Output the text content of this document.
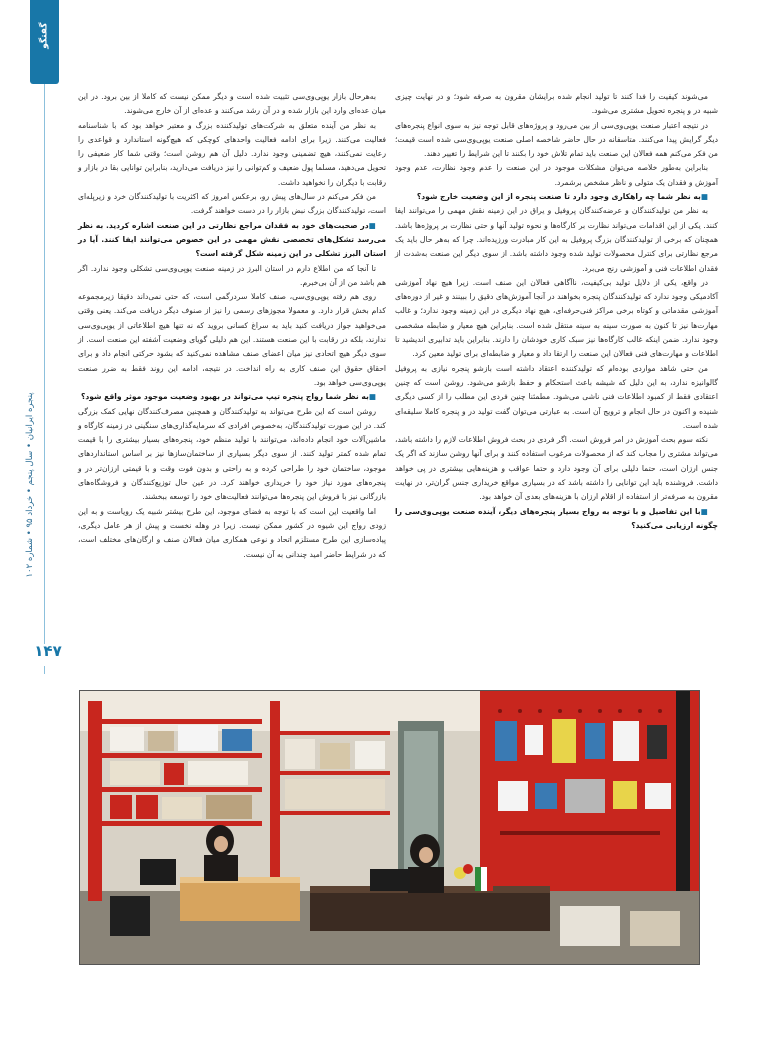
گفتگو
پنجره ایرانیان • سال پنجم • خرداد ۹۵ • شماره ۱۰۲
۱۴۷

می‌شوند کیفیت را فدا کنند تا تولید انجام شده برایشان مقرون به صرفه شود؛ و در نهایت چیزی شبیه در و پنجره تحویل مشتری می‌شود.

در نتیجه اعتبار صنعت یوپی‌وی‌سی از بین می‌رود و پروژه‌های قابل توجه نیز به سوی انواع پنجره‌های دیگر گرایش پیدا می‌کنند. متاسفانه در حال حاضر شاخصه اصلی صنعت یوپی‌وی‌سی شده است قیمت؛ من فکر می‌کنم همه فعالان این صنعت باید تمام تلاش خود را بکنند تا این شرایط را تغییر دهند.

بنابراین به‌طور خلاصه می‌توان مشکلات موجود در این صنعت را عدم وجود نظارت، عدم وجود آموزش و فقدان یک متولی و ناظر مشخص برشمرد.

■ به نظر شما چه راهکاری وجود دارد تا صنعت پنجره از این وضعیت خارج شود؟

به نظر من تولیدکنندگان و عرضه‌کنندگان پروفیل و یراق در این زمینه نقش مهمی را می‌توانند ایفا کنند. یکی از این اقدامات می‌تواند نظارت بر کارگاه‌ها و نحوه تولید آنها و حتی نظارت بر پروژه‌ها باشد. همچنان که برخی از تولیدکنندگان بزرگ پروفیل به این کار مبادرت ورزیده‌اند. چرا که به‌هر حال باید یک مرجع نظارتی برای کنترل محصولات تولید شده وجود داشته باشد. از سوی دیگر این صنعت به‌شدت از فقدان اطلاعات فنی و آموزشی رنج می‌برد.

در واقع، یکی از دلایل تولید بی‌کیفیت، ناآگاهی فعالان این صنف است. زیرا هیچ نهاد آموزشی آکادمیکی وجود ندارد که تولیدکنندگان پنجره بخواهند در آنجا آموزش‌های دقیق را ببینند و غیر از دوره‌های آموزشی مقدماتی و کوتاه برخی مراکز فنی‌حرفه‌ای، هیچ نهاد دیگری در این زمینه وجود ندارد؛ و غالب مهارت‌ها نیز تا کنون به صورت سینه به سینه منتقل شده است. بنابراین هیچ معیار و ضابطه مشخصی وجود ندارد. ضمن اینکه غالب کارگاه‌ها نیز سبک کاری خودشان را دارند. بنابراین باید تدابیری اندیشید تا اطلاعات و مهارت‌های فنی فعالان این صنعت را ارتقا داد و معیار و ضابطه‌ای برای تولید معین کرد.

من حتی شاهد مواردی بوده‌ام که تولیدکننده اعتقاد داشته است بازشو پنجره نیازی به پروفیل گالوانیزه ندارد، به این دلیل که شیشه باعث استحکام و حفظ بازشو می‌شود. روشن است که چنین اعتقادی فقط از کمبود اطلاعات فنی ناشی می‌شود. مطمئنا چنین فردی این مطلب را از کسی دیگری شنیده و اکنون در حال انجام و ترویج آن است. به عبارتی می‌توان گفت تولید در و پنجره کاملا سلیقه‌ای شده است.

نکته سوم بحث آموزش در امر فروش است. اگر فردی در بحث فروش اطلاعات لازم را داشته باشد، می‌تواند مشتری را مجاب کند که از محصولات مرغوب استفاده کنند و برای آنها روشن سازند که اگر یک جنس ارزان است، حتما دلیلی برای آن وجود دارد و حتما عواقب و هزینه‌هایی بیشتری در پی خواهد داشت. فروشنده باید این توانایی را داشته باشد که در بسیاری مواقع خریداری جنس گران‌تر، در نهایت مقرون به صرفه‌تر از استفاده از اقلام ارزان با هزینه‌های بعدی آن خواهد بود.

■ با این تفاصیل و با توجه به رواج بسیار پنجره‌های دیگر، آینده صنعت یوپی‌وی‌سی را چگونه ارزیابی می‌کنید؟

به‌هرحال بازار یوپی‌وی‌سی تثبیت شده است و دیگر ممکن نیست که کاملا از بین برود. در این میان عده‌ای وارد این بازار شده و در آن رشد می‌کنند و عده‌ای از آن خارج می‌شوند.

به نظر من آینده متعلق به شرکت‌های تولیدکننده بزرگ و معتبر خواهد بود که با شناسنامه فعالیت می‌کنند. زیرا برای ادامه فعالیت واحدهای کوچکی که هیچ‌گونه استاندارد و قواعدی را رعایت نمی‌کنند، هیچ تضمینی وجود ندارد. دلیل آن هم روشن است؛ وقتی شما کار ضعیفی را تحویل می‌دهید، مسلما پول ضعیف و کم‌توانی را نیز دریافت می‌دارید، بنابراین توانایی بقا در بازار و رقابت با دیگران را نخواهید داشت.

من فکر می‌کنم در سال‌های پیش رو، برعکس امروز که اکثریت با تولیدکنندگان خرد و زیرپله‌ای است، تولیدکنندگان بزرگ نبض بازار را در دست خواهند گرفت.

■ در صحبت‌های خود به فقدان مراجع نظارتی در این صنعت اشاره کردید. به نظر می‌رسد تشکل‌های تخصصی نقش مهمی در این خصوص می‌توانند ایفا کنند. آیا در استان البرز تشکلی در این زمینه شکل گرفته است؟

تا آنجا که من اطلاع دارم در استان البرز در زمینه صنعت یوپی‌وی‌سی تشکلی وجود ندارد. اگر هم باشد من از آن بی‌خبرم.

روی هم رفته یوپی‌وی‌سی، صنف کاملا سردرگمی است، که حتی نمی‌داند دقیقا زیرمجموعه کدام بخش قرار دارد. و معمولا مجوزهای رسمی را نیز از صنوف دیگر دریافت می‌کند. یعنی وقتی می‌خواهید جواز دریافت کنید باید به سراغ کسانی بروید که نه تنها هیچ اطلاعاتی از یوپی‌وی‌سی ندارند، بلکه در رقابت با این صنعت هستند. این هم دلیلی گویای وضعیت آشفته این صنعت است. از سوی دیگر هیچ اتحادی نیز میان اعضای صنف مشاهده نمی‌کنید که بشود حرکتی انجام داد و برای احقاق حقوق این صنف کاری به راه انداخت. در نتیجه، ادامه این روند فقط به ضرر صنعت یوپی‌وی‌سی خواهد بود.

■ به نظر شما رواج پنجره تیپ می‌تواند در بهبود وضعیت موجود موثر واقع شود؟

روشن است که این طرح می‌تواند به تولیدکنندگان و همچنین مصرف‌کنندگان نهایی کمک بزرگی کند. در این صورت تولیدکنندگان، به‌خصوص افرادی که سرمایه‌گذاری‌های سنگینی در زمینه کارگاه و ماشین‌آلات خود انجام داده‌اند، می‌توانند با تولید منظم خود، پنجره‌های بسیار بیشتری را با قیمت تمام شده کمتر تولید کنند. از سوی دیگر بسیاری از ساختمان‌سازها نیز بر اساس استانداردهای موجود، ساختمان خود را طراحی کرده و به راحتی و بدون فوت وقت و با قیمتی ارزان‌تر در و پنجره‌های مورد نیاز خود را خریداری خواهند کرد. در عین حال توزیع‌کنندگان و فروشگاه‌های بازرگانی نیز با فروش این پنجره‌ها می‌توانند فعالیت‌های خود را توسعه ببخشند.

اما واقعیت این است که با توجه به فضای موجود، این طرح بیشتر شبیه یک رویاست و به این زودی رواج این شیوه در کشور ممکن نیست. زیرا در وهله نخست و پیش از هر عامل دیگری، پیاده‌سازی این طرح مستلزم اتحاد و نوعی همکاری میان فعالان صنف و ارگان‌های مختلف است، که در شرایط حاضر امید چندانی به آن نیست.
